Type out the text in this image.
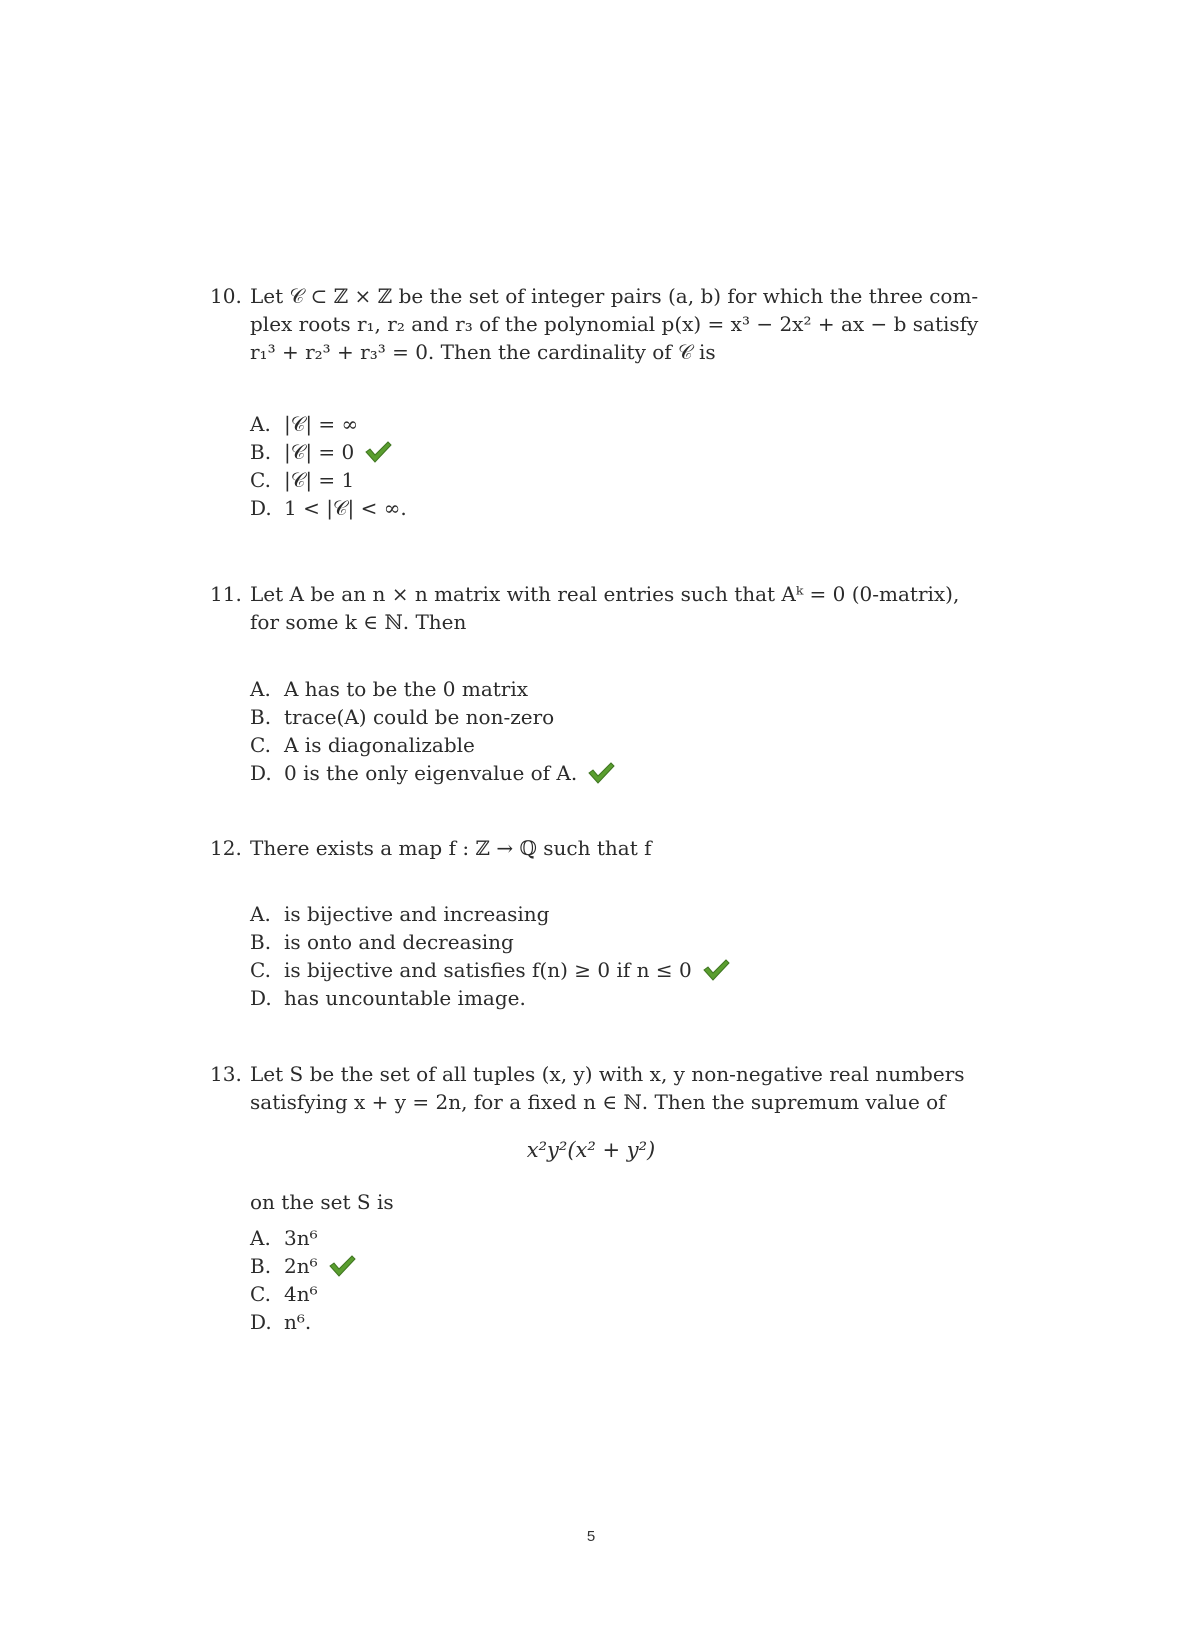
10. Let 𝒞 ⊂ ℤ × ℤ be the set of integer pairs (a, b) for which the three com-
plex roots r₁, r₂ and r₃ of the polynomial p(x) = x³ − 2x² + ax − b satisfy
r₁³ + r₂³ + r₃³ = 0. Then the cardinality of 𝒞 is
A. |𝒞| = ∞
B. |𝒞| = 0
C. |𝒞| = 1
D. 1 < |𝒞| < ∞.
11. Let A be an n × n matrix with real entries such that Aᵏ = 0 (0-matrix),
for some k ∈ ℕ. Then
A. A has to be the 0 matrix
B. trace(A) could be non-zero
C. A is diagonalizable
D. 0 is the only eigenvalue of A.
12. There exists a map f : ℤ → ℚ such that f
A. is bijective and increasing
B. is onto and decreasing
C. is bijective and satisfies f(n) ≥ 0 if n ≤ 0
D. has uncountable image.
13. Let S be the set of all tuples (x, y) with x, y non-negative real numbers
satisfying x + y = 2n, for a fixed n ∈ ℕ. Then the supremum value of
x²y²(x² + y²)
on the set S is
A. 3n⁶
B. 2n⁶
C. 4n⁶
D. n⁶.
5
